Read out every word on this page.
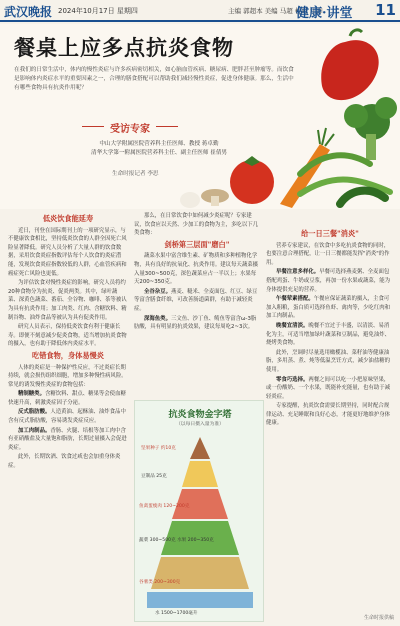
武汉晚报 2024年10月17日 星期四	主编 郭超本 美编 马超 校对 江洋
健康·讲堂 11
餐桌上应多点抗炎食物
在我们的日常生活中，体内的慢性炎症与许多疾病密切相关，如心脑血管疾病、糖尿病、肥胖甚至肿瘤等。而饮食是影响体内炎症水平的重要因素之一，合理的膳食搭配可以帮助我们减轻慢性炎症，促进身体健康。那么，生活中有哪些食物具有抗炎作用呢？
受访专家
中山大学附属医院营养科主任医师、教授 蒋卓勤
清华大学第一附属医院营养科主任、副主任医师 崔倩男
生命时报记者 李思
低炎饮食能延寿

近日，刊登在国际期刊上的一项研究显示，与不健康饮食相比，坚持低炎饮食的人群全因死亡风险显著降低。研究人员分析了大量人群的饮食数据，采用饮食炎症指数评估每个人饮食的炎症潜能，发现饮食炎症指数较低的人群，心血管疾病和癌症死亡风险也更低。

为评估饮食对慢性炎症的影响，研究人员将约20种食物分为抗炎、促炎两类。其中，绿叶蔬菜、深黄色蔬菜、番茄、全谷物、咖啡、茶等被认为具有抗炎作用；加工肉类、红肉、含糖饮料、精制谷物、油炸食品等被认为具有促炎作用。

研究人员表示，保持低炎饮食有利于健康长寿。即便不刻意减少促炎食物，适当增加抗炎食物的摄入，也有助于降低体内炎症水平。

吃错食物，身体易慢炎

人体的炎症是一种保护性反应，不过炎症长期持续，就会损伤组织细胞，增加多种慢性病风险。常见的诱发慢性炎症的食物包括：

精制糖类。含糖饮料、甜点、糖果等会使血糖快速升高，刺激炎症因子分泌。

反式脂肪酸。人造黄油、起酥油、油炸食品中含有反式脂肪酸，容易诱发炎症反应。

加工肉制品。香肠、火腿、培根等加工肉中含有亚硝酸盐及大量饱和脂肪，长期过量摄入会促进炎症。

此外，长期饮酒、饮食过咸也会加重身体炎症。

那么，在日常饮食中如何减少炎症呢？专家建议，饮食应以天然、少加工的食物为主，多吃以下几类食物：

剑桥第三层面"磨白"

蔬菜水果中富含维生素、矿物质和多种植物化学物，具有良好的抗氧化、抗炎作用。建议每天蔬菜摄入量300~500克，深色蔬菜应占一半以上；水果每天200~350克。

全谷杂豆。燕麦、糙米、全麦面包、红豆、绿豆等富含膳食纤维，可改善肠道菌群，有助于减轻炎症。

深海鱼类。三文鱼、沙丁鱼、鲭鱼等富含ω-3脂肪酸，具有明显的抗炎效果，建议每周吃2~3次。

抗炎食物金字塔
（以每日摄入量为准）
坚果种子 约10克
豆制品 25克
鱼禽蛋瘦肉 120~200克
蔬菜 300~500克 水果 200~350克
谷薯类 200~300克
水 1500~1700毫升
给一日三餐"消炎"

营养专家建议，在饮食中多吃抗炎食物的同时，也要注意合理搭配，让一日三餐都能发挥"消炎"的作用。

早餐注意多样化。早餐可选择燕麦粥、全麦面包搭配鸡蛋、牛奶或豆浆，再加一份水果或蔬菜，能为身体提供充足的营养。

午餐荤素搭配。午餐应保证蔬菜的摄入，主食可加入粗粮，蛋白质可选择鱼虾、禽肉等，少吃红肉和加工肉制品。

晚餐宜清淡。晚餐不宜过于丰盛，以清淡、易消化为主，可适当增加绿叶蔬菜和豆制品，避免油炸、烧烤类食物。

此外，烹调时尽量选用橄榄油、菜籽油等健康油脂，多用蒸、煮、炖等低温烹饪方式，减少油盐糖的使用。

零食巧选择。两餐之间可以吃一小把原味坚果，或一份酸奶、一个水果，既能补充能量，也有助于减轻炎症。

专家提醒，抗炎饮食需要长期坚持，同时配合规律运动、充足睡眠和良好心态，才能更好地维护身体健康。

生命时报供稿
